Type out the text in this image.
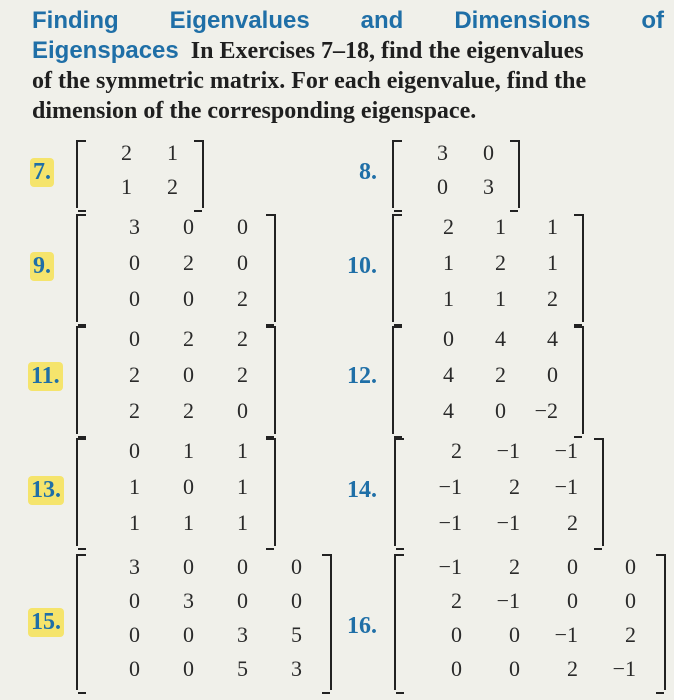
Finding Eigenvalues and Dimensions of
Eigenspaces In Exercises 7–18, find the eigenvalues
of the symmetric matrix. For each eigenvalue, find the
dimension of the corresponding eigenspace.
7.
2	1
1	2
8.
3	0
0	3
9.
3	0	0
0	2	0
0	0	2
10.
2	1	1
1	2	1
1	1	2
11.
0	2	2
2	0	2
2	2	0
12.
0	4	4
4	2	0
4	0	−2
13.
0	1	1
1	0	1
1	1	1
14.
2	−1	−1
−1	2	−1
−1	−1	2
15.
3	0	0	0
0	3	0	0
0	0	3	5
0	0	5	3
16.
−1	2	0	0
2	−1	0	0
0	0	−1	2
0	0	2	−1
